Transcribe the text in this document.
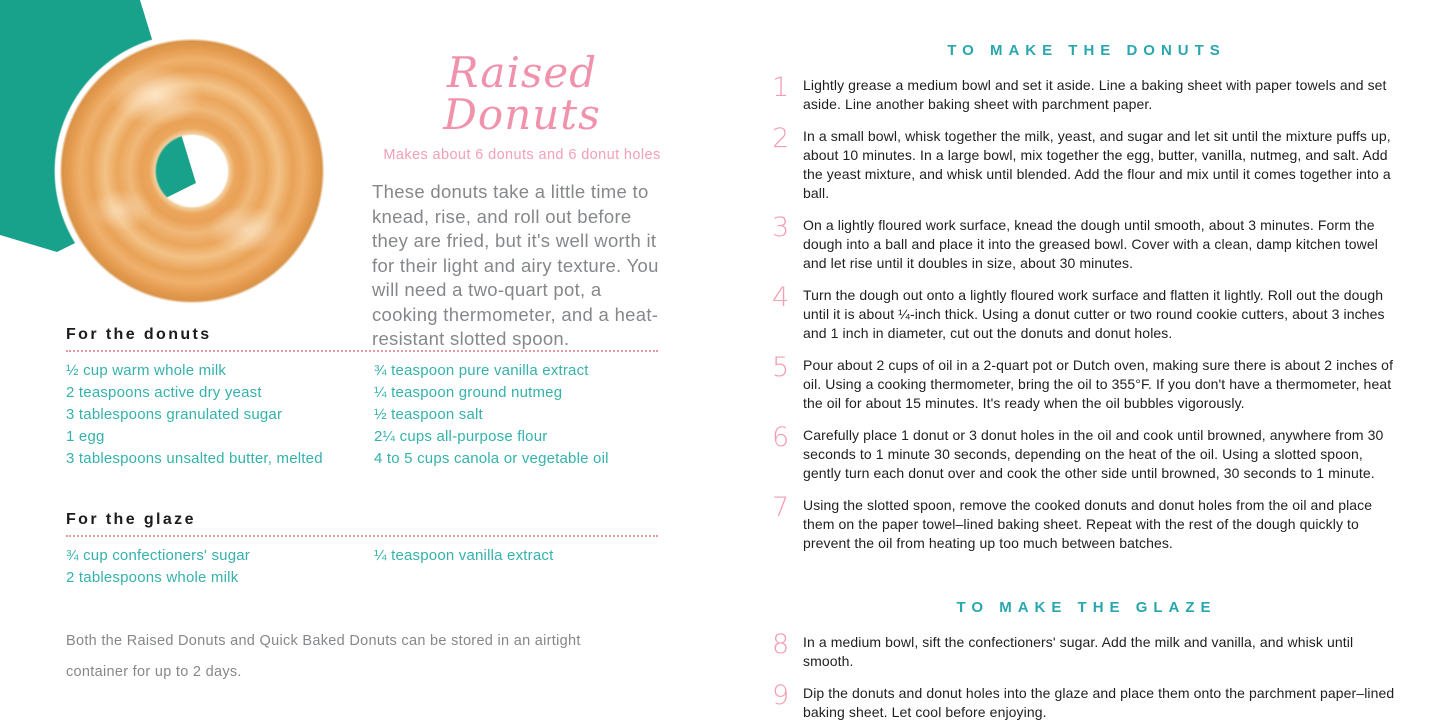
Raised Donuts
Makes about 6 donuts and 6 donut holes
These donuts take a little time to knead, rise, and roll out before they are fried, but it's well worth it for their light and airy texture. You will need a two-quart pot, a cooking thermometer, and a heat-resistant slotted spoon.
For the donuts
½ cup warm whole milk
2 teaspoons active dry yeast
3 tablespoons granulated sugar
1 egg
3 tablespoons unsalted butter, melted
¾ teaspoon pure vanilla extract
¼ teaspoon ground nutmeg
½ teaspoon salt
2¼ cups all-purpose flour
4 to 5 cups canola or vegetable oil
For the glaze
¾ cup confectioners' sugar
2 tablespoons whole milk
¼ teaspoon vanilla extract
Both the Raised Donuts and Quick Baked Donuts can be stored in an airtight container for up to 2 days.
TO MAKE THE DONUTS
1 Lightly grease a medium bowl and set it aside. Line a baking sheet with paper towels and set aside. Line another baking sheet with parchment paper.
2 In a small bowl, whisk together the milk, yeast, and sugar and let sit until the mixture puffs up, about 10 minutes. In a large bowl, mix together the egg, butter, vanilla, nutmeg, and salt. Add the yeast mixture, and whisk until blended. Add the flour and mix until it comes together into a ball.
3 On a lightly floured work surface, knead the dough until smooth, about 3 minutes. Form the dough into a ball and place it into the greased bowl. Cover with a clean, damp kitchen towel and let rise until it doubles in size, about 30 minutes.
4 Turn the dough out onto a lightly floured work surface and flatten it lightly. Roll out the dough until it is about ¼-inch thick. Using a donut cutter or two round cookie cutters, about 3 inches and 1 inch in diameter, cut out the donuts and donut holes.
5 Pour about 2 cups of oil in a 2-quart pot or Dutch oven, making sure there is about 2 inches of oil. Using a cooking thermometer, bring the oil to 355°F. If you don't have a thermometer, heat the oil for about 15 minutes. It's ready when the oil bubbles vigorously.
6 Carefully place 1 donut or 3 donut holes in the oil and cook until browned, anywhere from 30 seconds to 1 minute 30 seconds, depending on the heat of the oil. Using a slotted spoon, gently turn each donut over and cook the other side until browned, 30 seconds to 1 minute.
7 Using the slotted spoon, remove the cooked donuts and donut holes from the oil and place them on the paper towel–lined baking sheet. Repeat with the rest of the dough quickly to prevent the oil from heating up too much between batches.
TO MAKE THE GLAZE
8 In a medium bowl, sift the confectioners' sugar. Add the milk and vanilla, and whisk until smooth.
9 Dip the donuts and donut holes into the glaze and place them onto the parchment paper–lined baking sheet. Let cool before enjoying.
